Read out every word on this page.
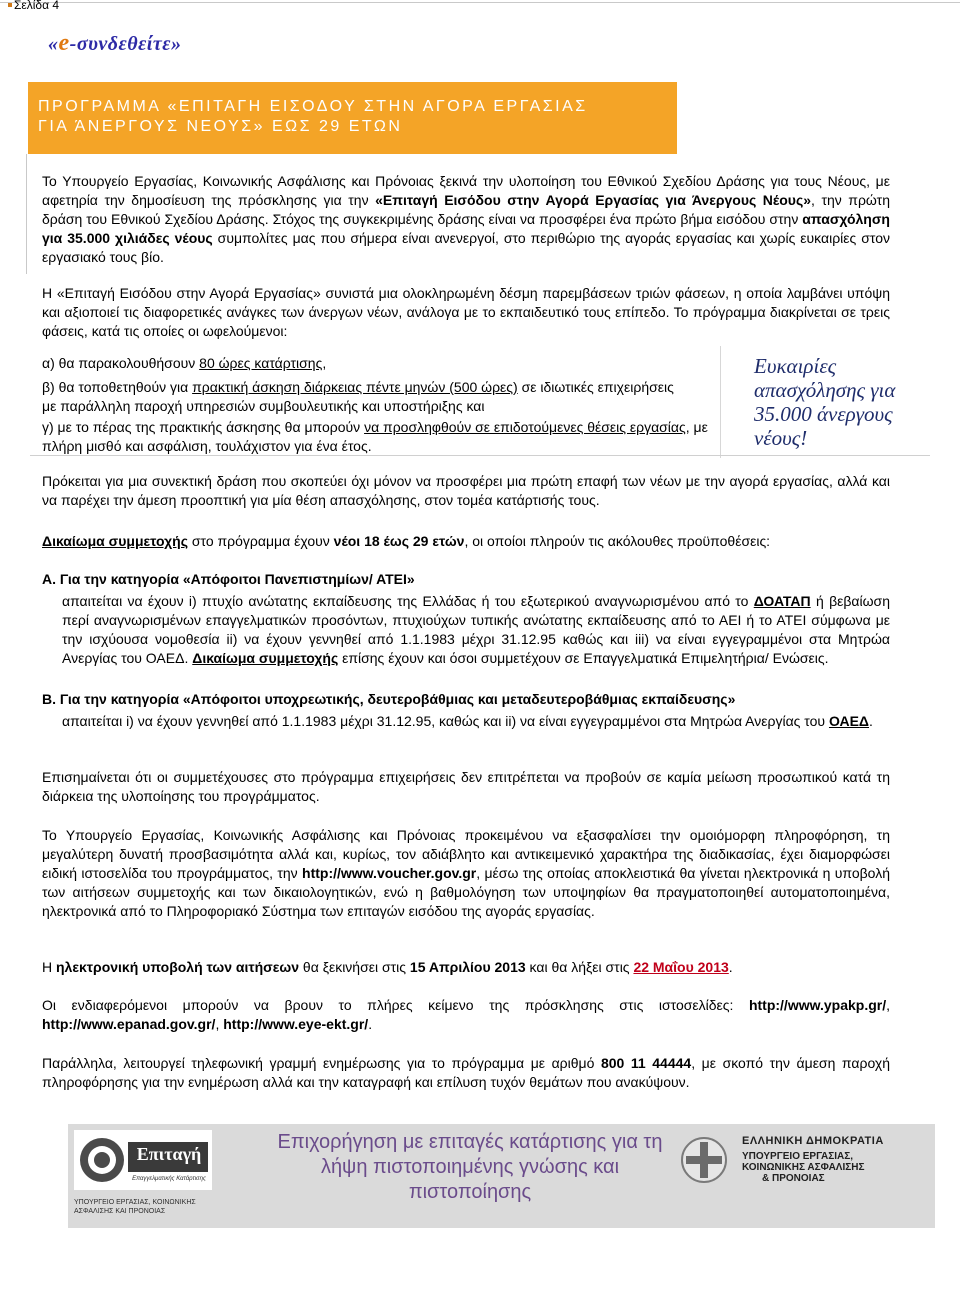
Σελίδα 4
«e-συνδεθείτε»
ΠΡΟΓΡΑΜΜΑ «ΕΠΙΤΑΓΗ ΕΙΣΟΔΟΥ ΣΤΗΝ ΑΓΟΡΑ ΕΡΓΑΣΙΑΣ
ΓΙΑ ΆΝΕΡΓΟΥΣ ΝΕΟΥΣ» ΕΩΣ 29 ΕΤΩΝ
Το Υπουργείο Εργασίας, Κοινωνικής Ασφάλισης και Πρόνοιας ξεκινά την υλοποίηση του Εθνικού Σχεδίου Δράσης για τους Νέους, με αφετηρία την δημοσίευση της πρόσκλησης για την «Επιταγή Εισόδου στην Αγορά Εργασίας για Άνεργους Νέους», την πρώτη δράση του Εθνικού Σχεδίου Δράσης. Στόχος της συγκεκριμένης δράσης είναι να προσφέρει ένα πρώτο βήμα εισόδου στην απασχόληση για 35.000 χιλιάδες νέους συμπολίτες μας που σήμερα είναι ανενεργοί, στο περιθώριο της αγοράς εργασίας και χωρίς ευκαιρίες στον εργασιακό τους βίο.
Η «Επιταγή Εισόδου στην Αγορά Εργασίας» συνιστά μια ολοκληρωμένη δέσμη παρεμβάσεων τριών φάσεων, η οποία λαμβάνει υπόψη και αξιοποιεί τις διαφορετικές ανάγκες των άνεργων νέων, ανάλογα με το εκπαιδευτικό τους επίπεδο. Το πρόγραμμα διακρίνεται σε τρεις φάσεις, κατά τις οποίες οι ωφελούμενοι:
α) θα παρακολουθήσουν 80 ώρες κατάρτισης,
β) θα τοποθετηθούν για πρακτική άσκηση διάρκειας πέντε μηνών (500 ώρες) σε ιδιωτικές επιχειρήσεις με παράλληλη παροχή υπηρεσιών συμβουλευτικής και υποστήριξης και
γ) με το πέρας της πρακτικής άσκησης θα μπορούν να προσληφθούν σε επιδοτούμενες θέσεις εργασίας, με πλήρη μισθό και ασφάλιση, τουλάχιστον για ένα έτος.
Ευκαιρίες απασχόλησης για 35.000 άνεργους νέους!
Πρόκειται για μια συνεκτική δράση που σκοπεύει όχι μόνον να προσφέρει μια πρώτη επαφή των νέων με την αγορά εργασίας, αλλά και να παρέχει την άμεση προοπτική για μία θέση απασχόλησης, στον τομέα κατάρτισής τους.
Δικαίωμα συμμετοχής στο πρόγραμμα έχουν νέοι 18 έως 29 ετών, οι οποίοι πληρούν τις ακόλουθες προϋποθέσεις:
Α. Για την κατηγορία «Απόφοιτοι Πανεπιστημίων/ ΑΤΕΙ»
απαιτείται να έχουν i) πτυχίο ανώτατης εκπαίδευσης της Ελλάδας ή του εξωτερικού αναγνωρισμένου από το ΔΟΑΤΑΠ ή βεβαίωση περί αναγνωρισμένων επαγγελματικών προσόντων, πτυχιούχων τυπικής ανώτατης εκπαίδευσης από το ΑΕΙ ή το ΑΤΕΙ σύμφωνα με την ισχύουσα νομοθεσία ii) να έχουν γεννηθεί από 1.1.1983 μέχρι 31.12.95 καθώς και iii) να είναι εγγεγραμμένοι στα Μητρώα Ανεργίας του ΟΑΕΔ. Δικαίωμα συμμετοχής επίσης έχουν και όσοι συμμετέχουν σε Επαγγελματικά Επιμελητήρια/ Ενώσεις.
Β. Για την κατηγορία «Απόφοιτοι υποχρεωτικής, δευτεροβάθμιας και μεταδευτεροβάθμιας εκπαίδευσης»
απαιτείται i) να έχουν γεννηθεί από 1.1.1983 μέχρι 31.12.95, καθώς και ii) να είναι εγγεγραμμένοι στα Μητρώα Ανεργίας του ΟΑΕΔ.
Επισημαίνεται ότι οι συμμετέχουσες στο πρόγραμμα επιχειρήσεις δεν επιτρέπεται να προβούν σε καμία μείωση προσωπικού κατά τη διάρκεια της υλοποίησης του προγράμματος.
Το Υπουργείο Εργασίας, Κοινωνικής Ασφάλισης και Πρόνοιας προκειμένου να εξασφαλίσει την ομοιόμορφη πληροφόρηση, τη μεγαλύτερη δυνατή προσβασιμότητα αλλά και, κυρίως, τον αδιάβλητο και αντικειμενικό χαρακτήρα της διαδικασίας, έχει διαμορφώσει ειδική ιστοσελίδα του προγράμματος, την http://www.voucher.gov.gr, μέσω της οποίας αποκλειστικά θα γίνεται ηλεκτρονικά η υποβολή των αιτήσεων συμμετοχής και των δικαιολογητικών, ενώ η βαθμολόγηση των υποψηφίων θα πραγματοποιηθεί αυτοματοποιημένα, ηλεκτρονικά από το Πληροφοριακό Σύστημα των επιταγών εισόδου της αγοράς εργασίας.
Η ηλεκτρονική υποβολή των αιτήσεων θα ξεκινήσει στις 15 Απριλίου 2013 και θα λήξει στις 22 Μαΐου 2013.
Οι ενδιαφερόμενοι μπορούν να βρουν το πλήρες κείμενο της πρόσκλησης στις ιστοσελίδες: http://www.ypakp.gr/, http://www.epanad.gov.gr/, http://www.eye-ekt.gr/.
Παράλληλα, λειτουργεί τηλεφωνική γραμμή ενημέρωσης για το πρόγραμμα με αριθμό 800 11 44444, με σκοπό την άμεση παροχή πληροφόρησης για την ενημέρωση αλλά και την καταγραφή και επίλυση τυχόν θεμάτων που ανακύψουν.
Επιταγή
Επαγγελματικής Κατάρτισης
ΥΠΟΥΡΓΕΙΟ ΕΡΓΑΣΙΑΣ, ΚΟΙΝΩΝΙΚΗΣ ΑΣΦΑΛΙΣΗΣ ΚΑΙ ΠΡΟΝΟΙΑΣ
Επιχορήγηση με επιταγές κατάρτισης για τη λήψη πιστοποιημένης γνώσης και πιστοποίησης
ΕΛΛΗΝΙΚΗ ΔΗΜΟΚΡΑΤΙΑ
ΥΠΟΥΡΓΕΙΟ ΕΡΓΑΣΙΑΣ,
ΚΟΙΝΩΝΙΚΗΣ ΑΣΦΑΛΙΣΗΣ
& ΠΡΟΝΟΙΑΣ
